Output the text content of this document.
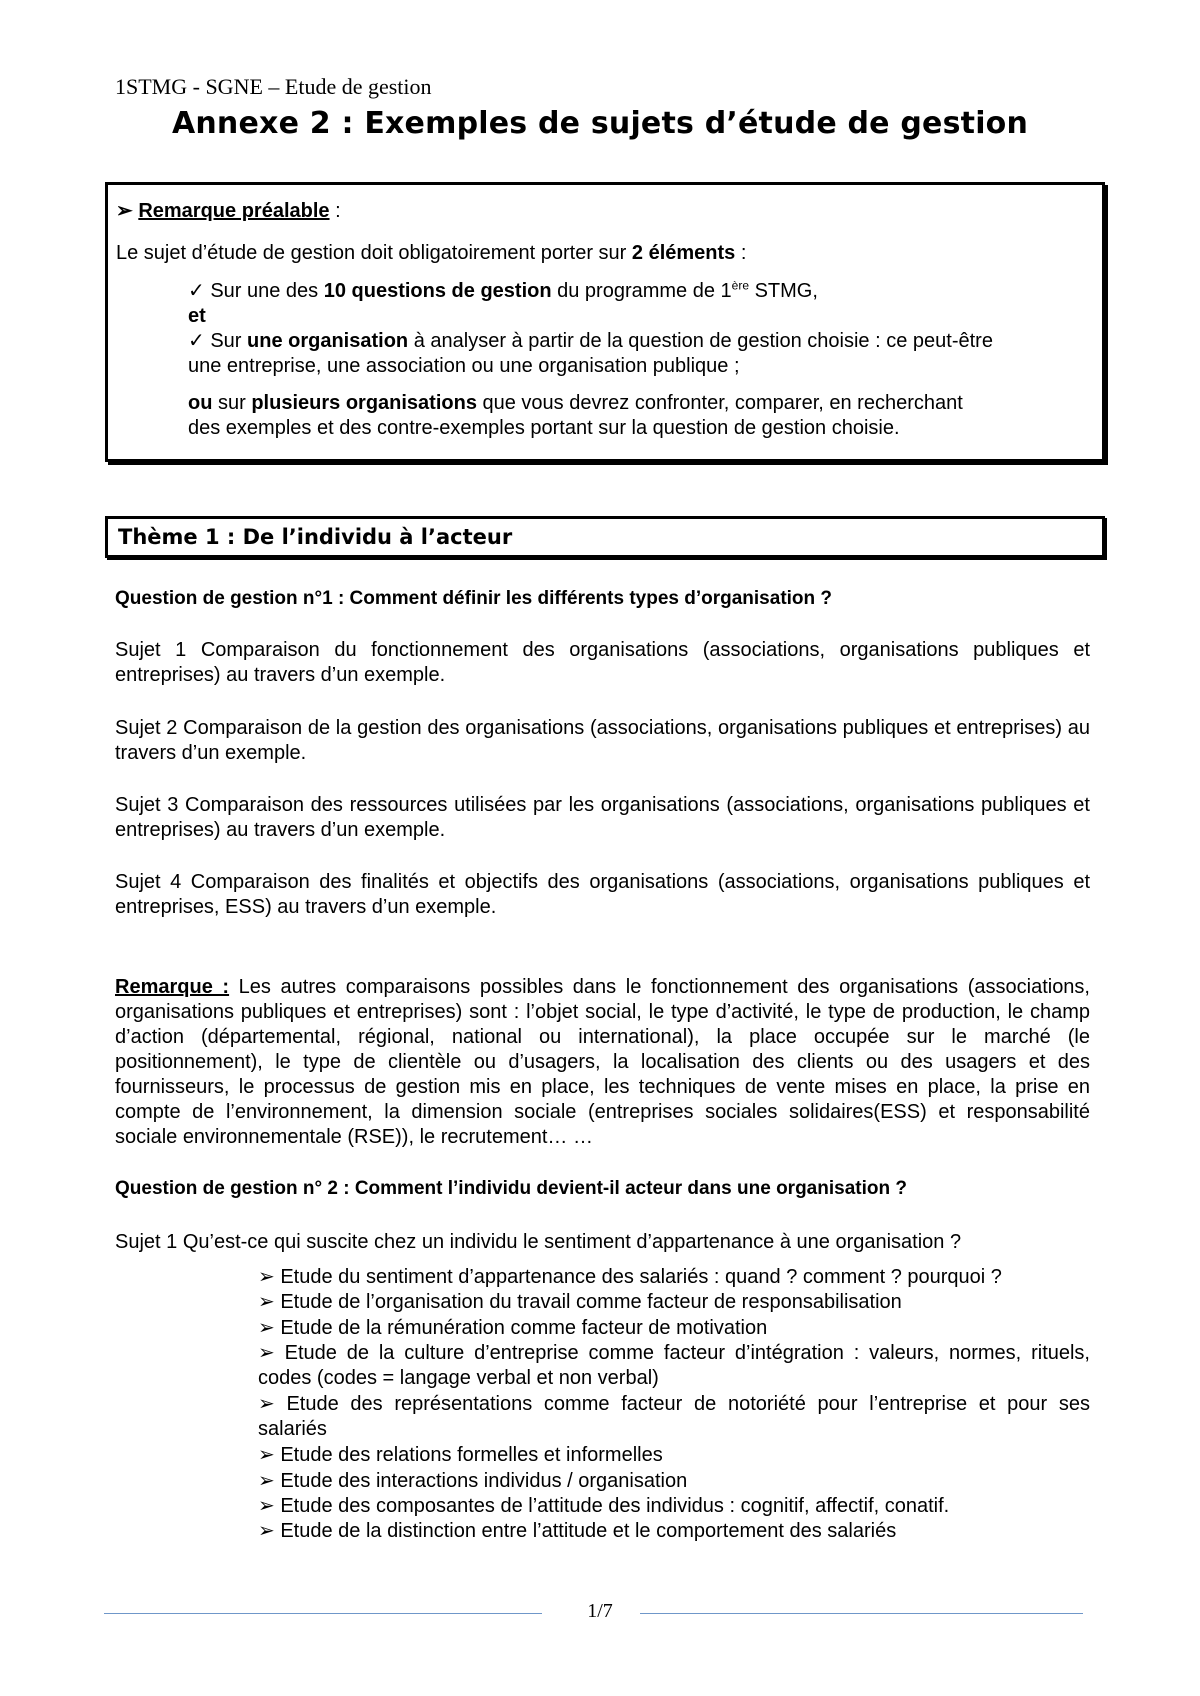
1STMG - SGNE – Etude de gestion
Annexe 2 : Exemples de sujets d’étude de gestion
➢ Remarque préalable :
Le sujet d’étude de gestion doit obligatoirement porter sur 2 éléments :
✓ Sur une des 10 questions de gestion du programme de 1ère STMG,
et
✓ Sur une organisation à analyser à partir de la question de gestion choisie : ce peut-être
une entreprise, une association ou une organisation publique ;
ou sur plusieurs organisations que vous devrez confronter, comparer, en recherchant
des exemples et des contre-exemples portant sur la question de gestion choisie.
Thème 1 : De l’individu à l’acteur
Question de gestion n°1 : Comment définir les différents types d’organisation ?
Sujet 1 Comparaison du fonctionnement des organisations (associations, organisations publiques et entreprises) au travers d’un exemple.
Sujet 2 Comparaison de la gestion des organisations (associations, organisations publiques et entreprises) au travers d’un exemple.
Sujet 3 Comparaison des ressources utilisées par les organisations (associations, organisations publiques et entreprises) au travers d’un exemple.
Sujet 4 Comparaison des finalités et objectifs des organisations (associations, organisations publiques et entreprises, ESS) au travers d’un exemple.
Remarque : Les autres comparaisons possibles dans le fonctionnement des organisations (associations, organisations publiques et entreprises) sont : l’objet social, le type d’activité, le type de production, le champ d’action (départemental, régional, national ou international), la place occupée sur le marché (le positionnement), le type de clientèle ou d’usagers, la localisation des clients ou des usagers et des fournisseurs, le processus de gestion mis en place, les techniques de vente mises en place, la prise en compte de l’environnement, la dimension sociale (entreprises sociales solidaires(ESS) et responsabilité sociale environnementale (RSE)), le recrutement… …
Question de gestion n° 2 : Comment l’individu devient-il acteur dans une organisation ?
Sujet 1 Qu’est-ce qui suscite chez un individu le sentiment d’appartenance à une organisation ?
➢ Etude du sentiment d’appartenance des salariés : quand ? comment ? pourquoi ?
➢ Etude de l’organisation du travail comme facteur de responsabilisation
➢ Etude de la rémunération comme facteur de motivation
➢ Etude de la culture d’entreprise comme facteur d’intégration : valeurs, normes, rituels, codes (codes = langage verbal et non verbal)
➢ Etude des représentations comme facteur de notoriété pour l’entreprise et pour ses salariés
➢ Etude des relations formelles et informelles
➢ Etude des interactions individus / organisation
➢ Etude des composantes de l’attitude des individus : cognitif, affectif, conatif.
➢ Etude de la distinction entre l’attitude et le comportement des salariés
1/7
